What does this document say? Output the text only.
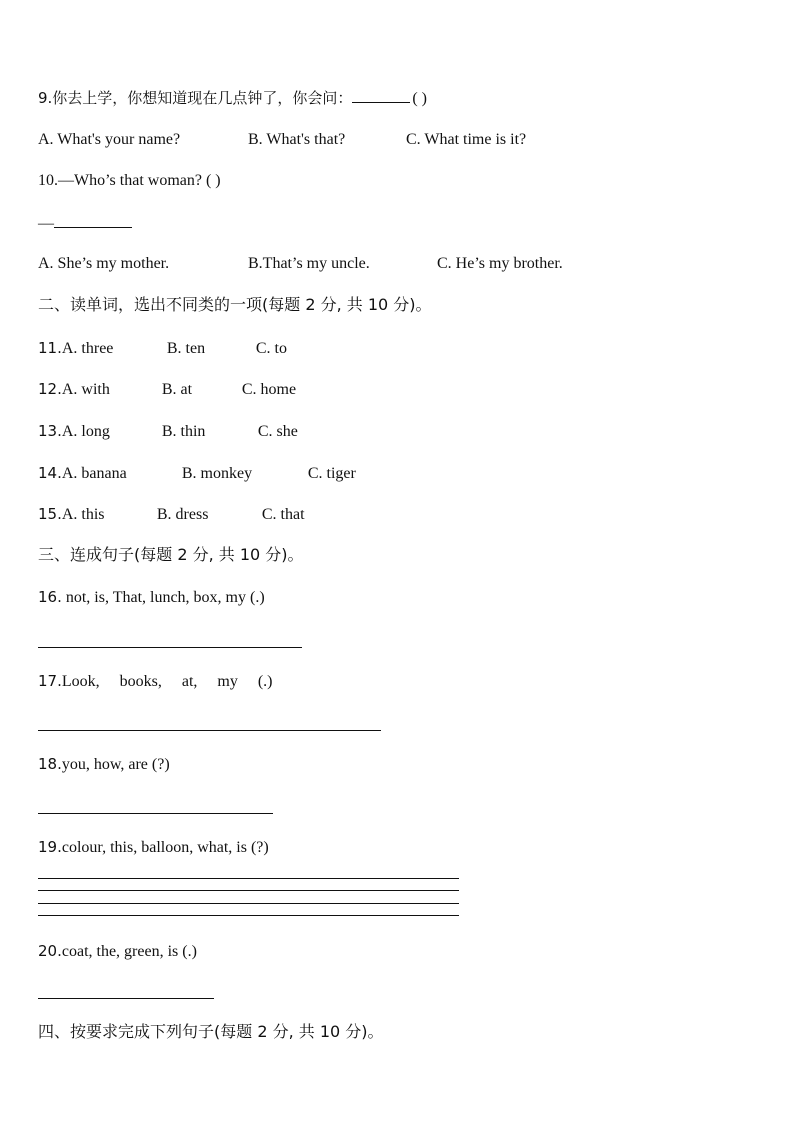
9.你去上学，你想知道现在几点钟了，你会问：	( )
A. What's your name?	B. What's that?	C. What time is it?
10.—Who’s that woman? ( )
—
A. She’s my mother.	B.That’s my uncle.	C. He’s my brother.
二、读单词，选出不同类的一项(每题 2 分, 共 10 分)。
11.A. three	B. ten	C. to
12.A. with	B. at	C. home
13.A. long	B. thin	C. she
14.A. banana	B. monkey	C. tiger
15.A. this	B. dress	C. that
三、连成句子(每题 2 分, 共 10 分)。
16. not, is, That, lunch, box, my (.)
17.Look,     books,     at,     my     (.)
18.you, how, are (?)
19.colour, this, balloon, what, is (?)
20.coat, the, green, is (.)
四、按要求完成下列句子(每题 2 分, 共 10 分)。
